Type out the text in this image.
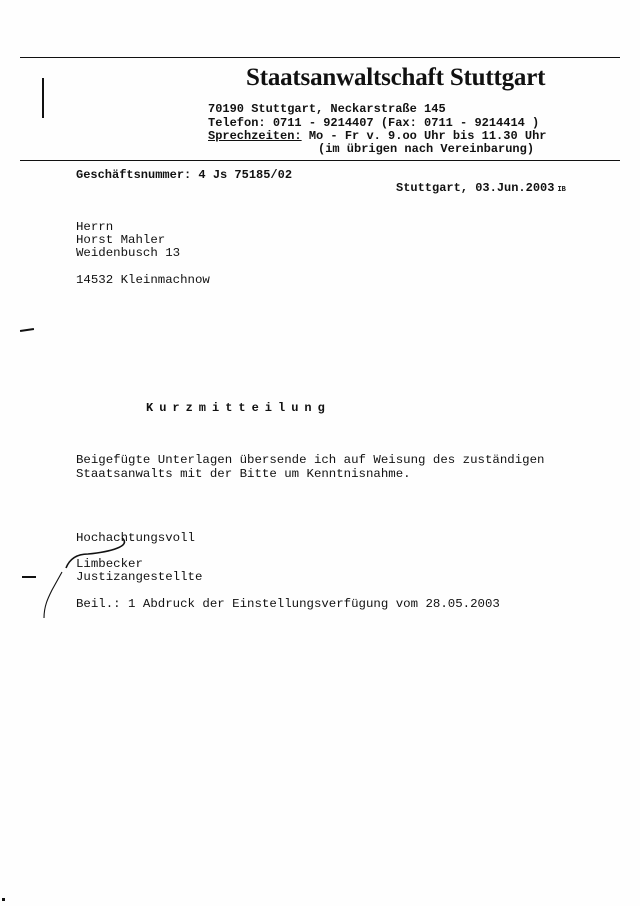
Staatsanwaltschaft Stuttgart
70190 Stuttgart, Neckarstraße 145
Telefon: 0711 - 9214407 (Fax: 0711 - 9214414 )
Sprechzeiten: Mo - Fr v. 9.oo Uhr bis 11.30 Uhr
(im übrigen nach Vereinbarung)
Geschäftsnummer: 4 Js 75185/02
Stuttgart, 03.Jun.2003 IB
Herrn
Horst Mahler
Weidenbusch 13
14532 Kleinmachnow
Kurzmitteilung
Beigefügte Unterlagen übersende ich auf Weisung des zuständigen
Staatsanwalts mit der Bitte um Kenntnisnahme.
Hochachtungsvoll
Limbecker
Justizangestellte
Beil.: 1 Abdruck der Einstellungsverfügung vom 28.05.2003
